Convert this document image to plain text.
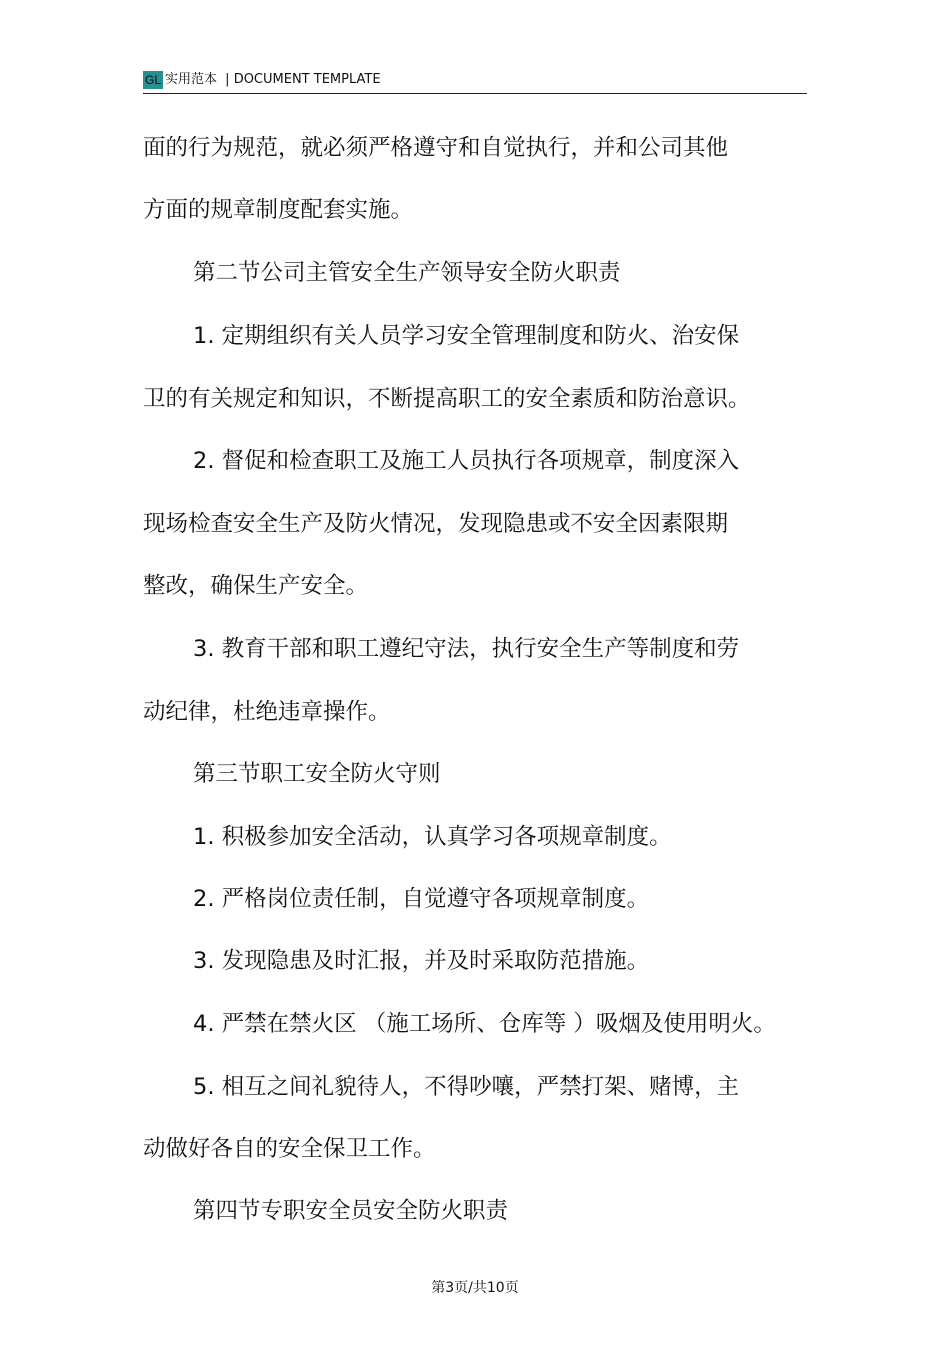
GL 实用范本 | DOCUMENT TEMPLATE
面的行为规范，就必须严格遵守和自觉执行，并和公司其他
方面的规章制度配套实施。
第二节公司主管安全生产领导安全防火职责
1. 定期组织有关人员学习安全管理制度和防火、治安保
卫的有关规定和知识，不断提高职工的安全素质和防治意识。
2. 督促和检查职工及施工人员执行各项规章，制度深入
现场检查安全生产及防火情况，发现隐患或不安全因素限期
整改，确保生产安全。
3. 教育干部和职工遵纪守法，执行安全生产等制度和劳
动纪律，杜绝违章操作。
第三节职工安全防火守则
1. 积极参加安全活动，认真学习各项规章制度。
2. 严格岗位责任制，自觉遵守各项规章制度。
3. 发现隐患及时汇报，并及时采取防范措施。
4. 严禁在禁火区 （施工场所、仓库等 ）吸烟及使用明火。
5. 相互之间礼貌待人，不得吵嚷，严禁打架、赌博，主
动做好各自的安全保卫工作。
第四节专职安全员安全防火职责
第3页/共10页
